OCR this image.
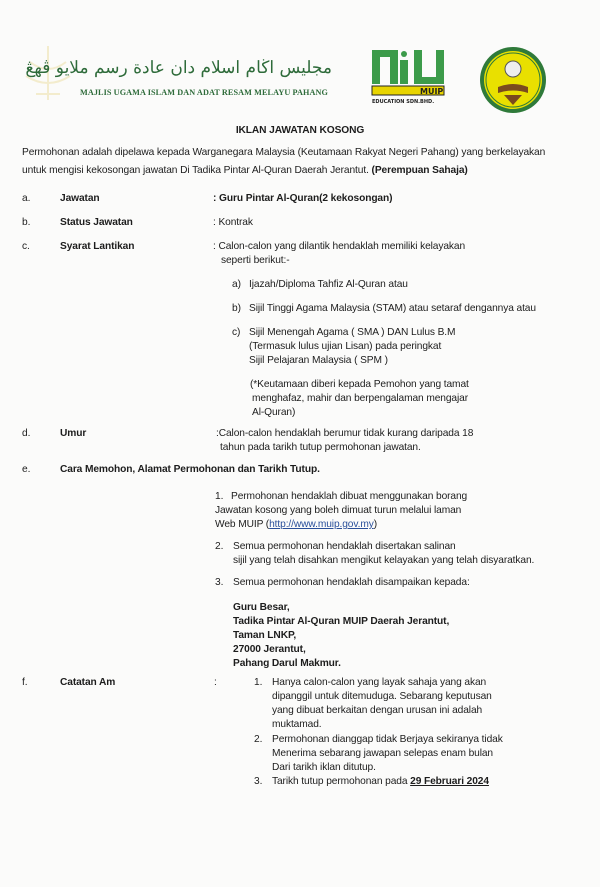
مجليس اڬام اسلام دان عادة رسم ملايو ڤهڠ
MAJLIS UGAMA ISLAM DAN ADAT RESAM MELAYU PAHANG	MUIP
EDUCATION SDN.BHD.
IKLAN JAWATAN KOSONG
Permohonan adalah dipelawa kepada Warganegara Malaysia (Keutamaan Rakyat Negeri Pahang) yang berkelayakan
untuk mengisi kekosongan jawatan Di Tadika Pintar Al-Quran Daerah Jerantut. (Perempuan Sahaja)
a.	Jawatan	: Guru Pintar Al-Quran(2 kekosongan)
b.	Status Jawatan	: Kontrak
c.	Syarat Lantikan	: Calon-calon yang dilantik hendaklah memiliki kelayakan
seperti berikut:-
a) Ijazah/Diploma Tahfiz Al-Quran atau
b) Sijil Tinggi Agama Malaysia (STAM) atau setaraf dengannya atau
c) Sijil Menengah Agama ( SMA ) DAN Lulus B.M
(Termasuk lulus ujian Lisan) pada peringkat
Sijil Pelajaran Malaysia ( SPM )
(*Keutamaan diberi kepada Pemohon yang tamat
menghafaz, mahir dan berpengalaman mengajar
Al-Quran)
d.	Umur	:Calon-calon hendaklah berumur tidak kurang daripada 18
tahun pada tarikh tutup permohonan jawatan.
e.	Cara Memohon, Alamat Permohonan dan Tarikh Tutup.
1. Permohonan hendaklah dibuat menggunakan borang
Jawatan kosong yang boleh dimuat turun melalui laman
Web MUIP (http://www.muip.gov.my)
2. Semua permohonan hendaklah disertakan salinan
sijil yang telah disahkan mengikut kelayakan yang telah disyaratkan.
3. Semua permohonan hendaklah disampaikan kepada:
Guru Besar,
Tadika Pintar Al-Quran MUIP Daerah Jerantut,
Taman LNKP,
27000 Jerantut,
Pahang Darul Makmur.
f.	Catatan Am	:	1. Hanya calon-calon yang layak sahaja yang akan
dipanggil untuk ditemuduga. Sebarang keputusan
yang dibuat berkaitan dengan urusan ini adalah
muktamad.
2. Permohonan dianggap tidak Berjaya sekiranya tidak
Menerima sebarang jawapan selepas enam bulan
Dari tarikh iklan ditutup.
3. Tarikh tutup permohonan pada 29 Februari 2024
